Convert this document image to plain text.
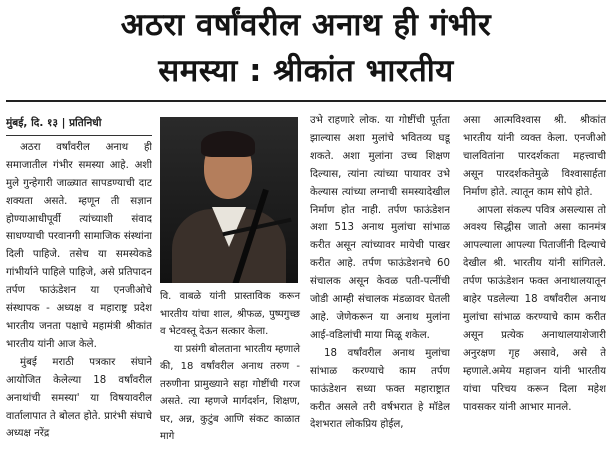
अठरा वर्षांवरील अनाथ ही गंभीर
समस्या : श्रीकांत भारतीय
मुंबई, दि. १३ | प्रतिनिधी

अठरा वर्षांवरील अनाथ ही समाजातील गंभीर समस्या आहे. अशी मुले गुन्हेगारी जाळ्यात सापडण्याची दाट शक्यता असते. म्हणून ती सज्ञान होण्याआधीपूर्वी त्यांच्याशी संवाद साधण्याची परवानगी सामाजिक संस्थांना दिली पाहिजे. तसेच या समस्येकडे गांभीर्याने पाहिले पाहिजे, असे प्रतिपादन तर्पण फाऊंडेशन या एनजीओचे संस्थापक - अध्यक्ष व महाराष्ट्र प्रदेश भारतीय जनता पक्षाचे महामंत्री श्रीकांत भारतीय यांनी आज केले.

मुंबई मराठी पत्रकार संघाने आयोजित केलेल्या 18 वर्षांवरील अनाथांची समस्या' या विषयावरील वार्तालापात ते बोलत होते. प्रारंभी संघाचे अध्यक्ष नरेंद्र

वि. वाबळे यांनी प्रास्ताविक करून भारतीय यांचा शाल, श्रीफळ, पुष्पगुच्छ व भेटवस्तू देऊन सत्कार केला.

या प्रसंगी बोलताना भारतीय म्हणाले की, 18 वर्षांवरील अनाथ तरुण - तरुणीना प्रामुख्याने सहा गोष्टींची गरज असते. त्या म्हणजे मार्गदर्शन, शिक्षण, घर, अन्न, कुटुंब आणि संकट काळात मागे

उभे राहणारे लोक. या गोष्टींची पूर्तता झाल्यास अशा मुलांचे भवितव्य घडू शकते. अशा मुलांना उच्च शिक्षण दिल्यास, त्यांना त्यांच्या पायावर उभे केल्यास त्यांच्या लग्नाची समस्यादेखील निर्माण होत नाही. तर्पण फाऊंडेशन अशा 513 अनाथ मुलांचा सांभाळ करीत असून त्यांच्यावर मायेची पाखर करीत आहे. तर्पण फाऊंडेशनचे 60 संचालक असून केवळ पती-पत्नींची जोडी आम्ही संचालक मंडळावर घेतली आहे. जेणेकरून या अनाथ मुलांना आई-वडिलांची माया मिळू शकेल.

18 वर्षांवरील अनाथ मुलांचा सांभाळ करण्याचे काम तर्पण फाऊंडेशन सध्या फक्त महाराष्ट्रात करीत असले तरी वर्षभरात हे मॉडेल देशभरात लोकप्रिय होईल,

असा आत्मविश्वास श्री. श्रीकांत भारतीय यांनी व्यक्त केला. एनजीओ चालवितांना पारदर्शकता महत्त्वाची असून पारदर्शकतेमुळे विश्वासार्हता निर्माण होते. त्यातून काम सोपे होते.

आपला संकल्प पवित्र असल्यास तो अवश्य सिद्धीस जातो असा कानमंत्र आपल्याला आपल्या पिताजींनी दिल्याचे देखील श्री. भारतीय यांनी सांगितले. तर्पण फाऊंडेशन फक्त अनाथालयातून बाहेर पडलेल्या 18 वर्षांवरील अनाथ मुलांचा सांभाळ करण्याचे काम करीत असून प्रत्येक अनाथालयाशेजारी अनुरक्षण गृह असावे, असे ते म्हणाले.अमेय महाजन यांनी भारतीय यांचा परिचय करून दिला महेश पावसकर यांनी आभार मानले.
